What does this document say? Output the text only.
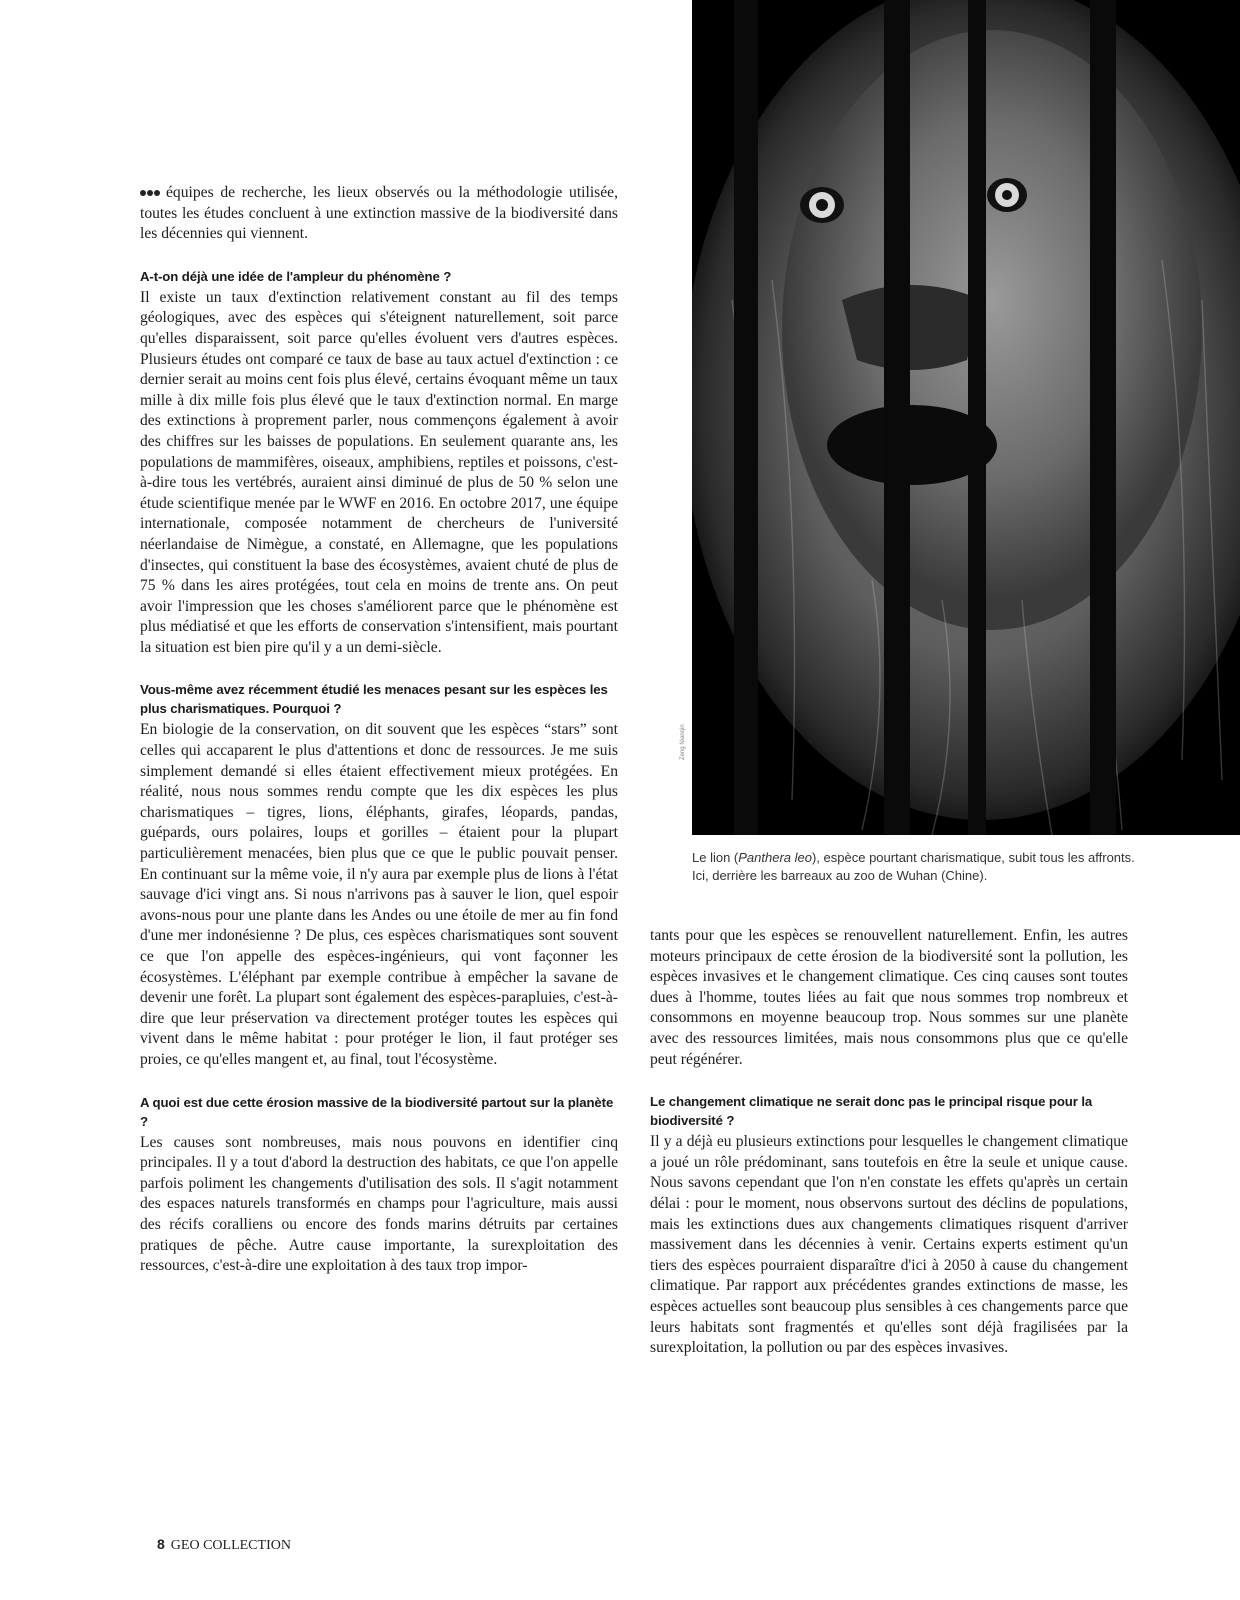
Zeng Nianqin
Le lion (Panthera leo), espèce pourtant charismatique, subit tous les affronts. Ici, derrière les barreaux au zoo de Wuhan (Chine).

équipes de recherche, les lieux observés ou la méthodologie utilisée, toutes les études concluent à une extinction massive de la biodiversité dans les décennies qui viennent.

A-t-on déjà une idée de l'ampleur du phénomène ?

Il existe un taux d'extinction relativement constant au fil des temps géologiques, avec des espèces qui s'éteignent naturellement, soit parce qu'elles disparaissent, soit parce qu'elles évoluent vers d'autres espèces. Plusieurs études ont comparé ce taux de base au taux actuel d'extinction : ce dernier serait au moins cent fois plus élevé, certains évoquant même un taux mille à dix mille fois plus élevé que le taux d'extinction normal. En marge des extinctions à proprement parler, nous commençons également à avoir des chiffres sur les baisses de populations. En seulement quarante ans, les populations de mammifères, oiseaux, amphibiens, reptiles et poissons, c'est-à-dire tous les vertébrés, auraient ainsi diminué de plus de 50 % selon une étude scientifique menée par le WWF en 2016. En octobre 2017, une équipe internationale, composée notamment de chercheurs de l'université néerlandaise de Nimègue, a constaté, en Allemagne, que les populations d'insectes, qui constituent la base des écosystèmes, avaient chuté de plus de 75 % dans les aires protégées, tout cela en moins de trente ans. On peut avoir l'impression que les choses s'améliorent parce que le phénomène est plus médiatisé et que les efforts de conservation s'intensifient, mais pourtant la situation est bien pire qu'il y a un demi-siècle.

Vous-même avez récemment étudié les menaces pesant sur les espèces les plus charismatiques. Pourquoi ?

En biologie de la conservation, on dit souvent que les espèces “stars” sont celles qui accaparent le plus d'attentions et donc de ressources. Je me suis simplement demandé si elles étaient effectivement mieux protégées. En réalité, nous nous sommes rendu compte que les dix espèces les plus charismatiques – tigres, lions, éléphants, girafes, léopards, pandas, guépards, ours polaires, loups et gorilles – étaient pour la plupart particulièrement menacées, bien plus que ce que le public pouvait penser. En continuant sur la même voie, il n'y aura par exemple plus de lions à l'état sauvage d'ici vingt ans. Si nous n'arrivons pas à sauver le lion, quel espoir avons-nous pour une plante dans les Andes ou une étoile de mer au fin fond d'une mer indonésienne ? De plus, ces espèces charismatiques sont souvent ce que l'on appelle des espèces-ingénieurs, qui vont façonner les écosystèmes. L'éléphant par exemple contribue à empêcher la savane de devenir une forêt. La plupart sont également des espèces-parapluies, c'est-à-dire que leur préservation va directement protéger toutes les espèces qui vivent dans le même habitat : pour protéger le lion, il faut protéger ses proies, ce qu'elles mangent et, au final, tout l'écosystème.

A quoi est due cette érosion massive de la biodiversité partout sur la planète ?

Les causes sont nombreuses, mais nous pouvons en identifier cinq principales. Il y a tout d'abord la destruction des habitats, ce que l'on appelle parfois poliment les changements d'utilisation des sols. Il s'agit notamment des espaces naturels transformés en champs pour l'agriculture, mais aussi des récifs coralliens ou encore des fonds marins détruits par certaines pratiques de pêche. Autre cause importante, la surexploitation des ressources, c'est-à-dire une exploitation à des taux trop impor-

tants pour que les espèces se renouvellent naturellement. Enfin, les autres moteurs principaux de cette érosion de la biodiversité sont la pollution, les espèces invasives et le changement climatique. Ces cinq causes sont toutes dues à l'homme, toutes liées au fait que nous sommes trop nombreux et consommons en moyenne beaucoup trop. Nous sommes sur une planète avec des ressources limitées, mais nous consommons plus que ce qu'elle peut régénérer.

Le changement climatique ne serait donc pas le principal risque pour la biodiversité ?

Il y a déjà eu plusieurs extinctions pour lesquelles le changement climatique a joué un rôle prédominant, sans toutefois en être la seule et unique cause. Nous savons cependant que l'on n'en constate les effets qu'après un certain délai : pour le moment, nous observons surtout des déclins de populations, mais les extinctions dues aux changements climatiques risquent d'arriver massivement dans les décennies à venir. Certains experts estiment qu'un tiers des espèces pourraient disparaître d'ici à 2050 à cause du changement climatique. Par rapport aux précédentes grandes extinctions de masse, les espèces actuelles sont beaucoup plus sensibles à ces changements parce que leurs habitats sont fragmentés et qu'elles sont déjà fragilisées par la surexploitation, la pollution ou par des espèces invasives.

8 GEO COLLECTION
